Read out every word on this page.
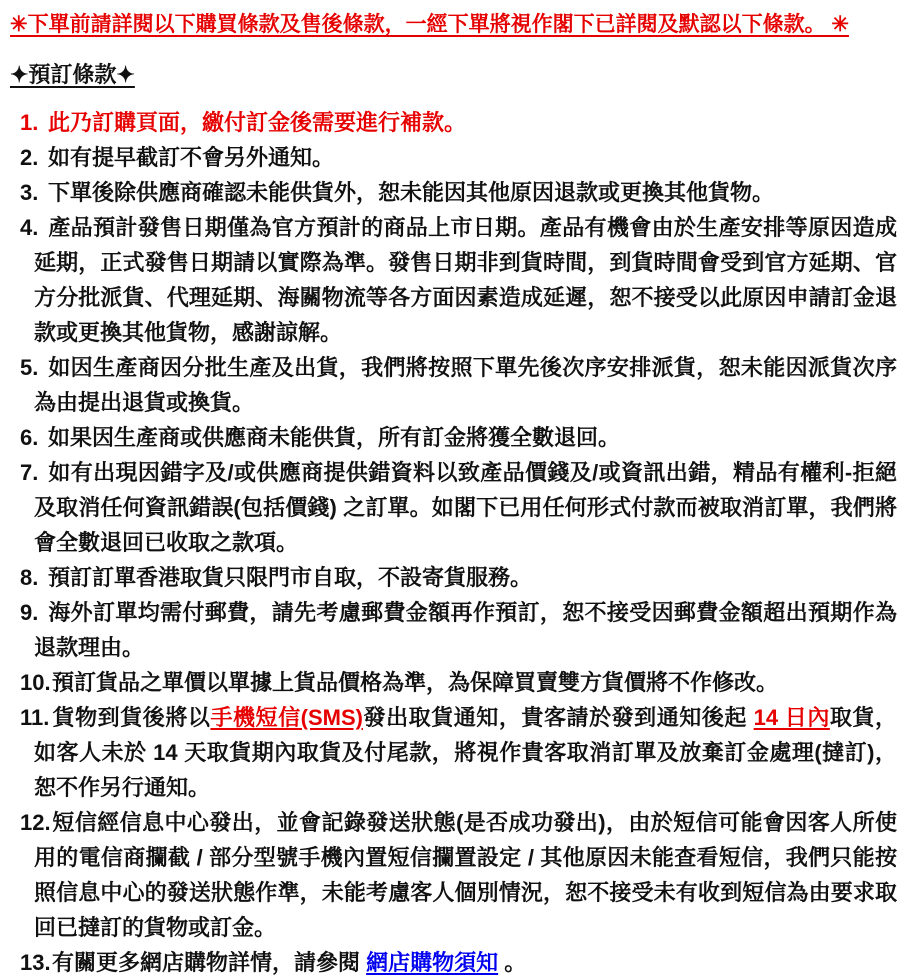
✳下單前請詳閱以下購買條款及售後條款，一經下單將視作閣下已詳閱及默認以下條款。 ✳
✦預訂條款✦
1. 此乃訂購頁面，繳付訂金後需要進行補款。
2. 如有提早截訂不會另外通知。
3. 下單後除供應商確認未能供貨外，恕未能因其他原因退款或更換其他貨物。
4. 產品預計發售日期僅為官方預計的商品上市日期。產品有機會由於生產安排等原因造成延期，正式發售日期請以實際為準。發售日期非到貨時間，到貨時間會受到官方延期、官方分批派貨、代理延期、海關物流等各方面因素造成延遲，恕不接受以此原因申請訂金退款或更換其他貨物，感謝諒解。
5. 如因生產商因分批生產及出貨，我們將按照下單先後次序安排派貨，恕未能因派貨次序為由提出退貨或換貨。
6. 如果因生產商或供應商未能供貨，所有訂金將獲全數退回。
7. 如有出現因錯字及/或供應商提供錯資料以致產品價錢及/或資訊出錯，精品有權利-拒絕及取消任何資訊錯誤(包括價錢) 之訂單。如閣下已用任何形式付款而被取消訂單，我們將會全數退回已收取之款項。
8. 預訂訂單香港取貨只限門市自取，不設寄貨服務。
9. 海外訂單均需付郵費，請先考慮郵費金額再作預訂，恕不接受因郵費金額超出預期作為退款理由。
10.預訂貨品之單價以單據上貨品價格為準，為保障買賣雙方貨價將不作修改。
11. 貨物到貨後將以手機短信(SMS)發出取貨通知，貴客請於發到通知後起 14 日內取貨，如客人未於 14 天取貨期內取貨及付尾款，將視作貴客取消訂單及放棄訂金處理(撻訂)，恕不作另行通知。
12.短信經信息中心發出，並會記錄發送狀態(是否成功發出)，由於短信可能會因客人所使用的電信商攔截 / 部分型號手機內置短信攔置設定 / 其他原因未能查看短信，我們只能按照信息中心的發送狀態作準，未能考慮客人個別情況，恕不接受未有收到短信為由要求取回已撻訂的貨物或訂金。
13.有關更多網店購物詳情，請參閱 網店購物須知 。
